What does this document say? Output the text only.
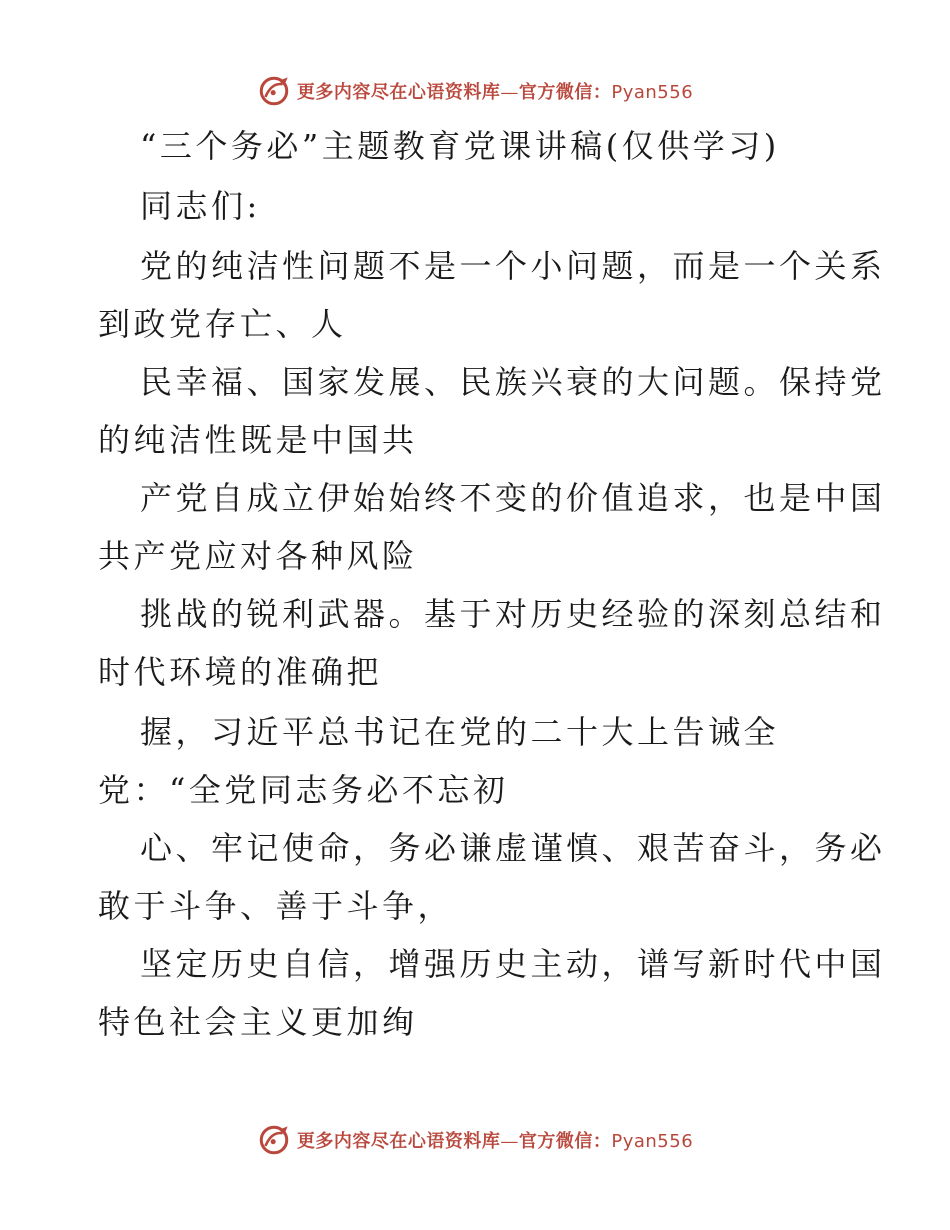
更多内容尽在心语资料库—官方微信：Pyan556
“三个务必”主题教育党课讲稿(仅供学习)
同志们:
党的纯洁性问题不是一个小问题，而是一个关系
到政党存亡、人
民幸福、国家发展、民族兴衰的大问题。保持党
的纯洁性既是中国共
产党自成立伊始始终不变的价值追求，也是中国
共产党应对各种风险
挑战的锐利武器。基于对历史经验的深刻总结和
时代环境的准确把
握，习近平总书记在党的二十大上告诫全
党：“全党同志务必不忘初
心、牢记使命，务必谦虚谨慎、艰苦奋斗，务必
敢于斗争、善于斗争，
坚定历史自信，增强历史主动，谱写新时代中国
特色社会主义更加绚
更多内容尽在心语资料库—官方微信：Pyan556
